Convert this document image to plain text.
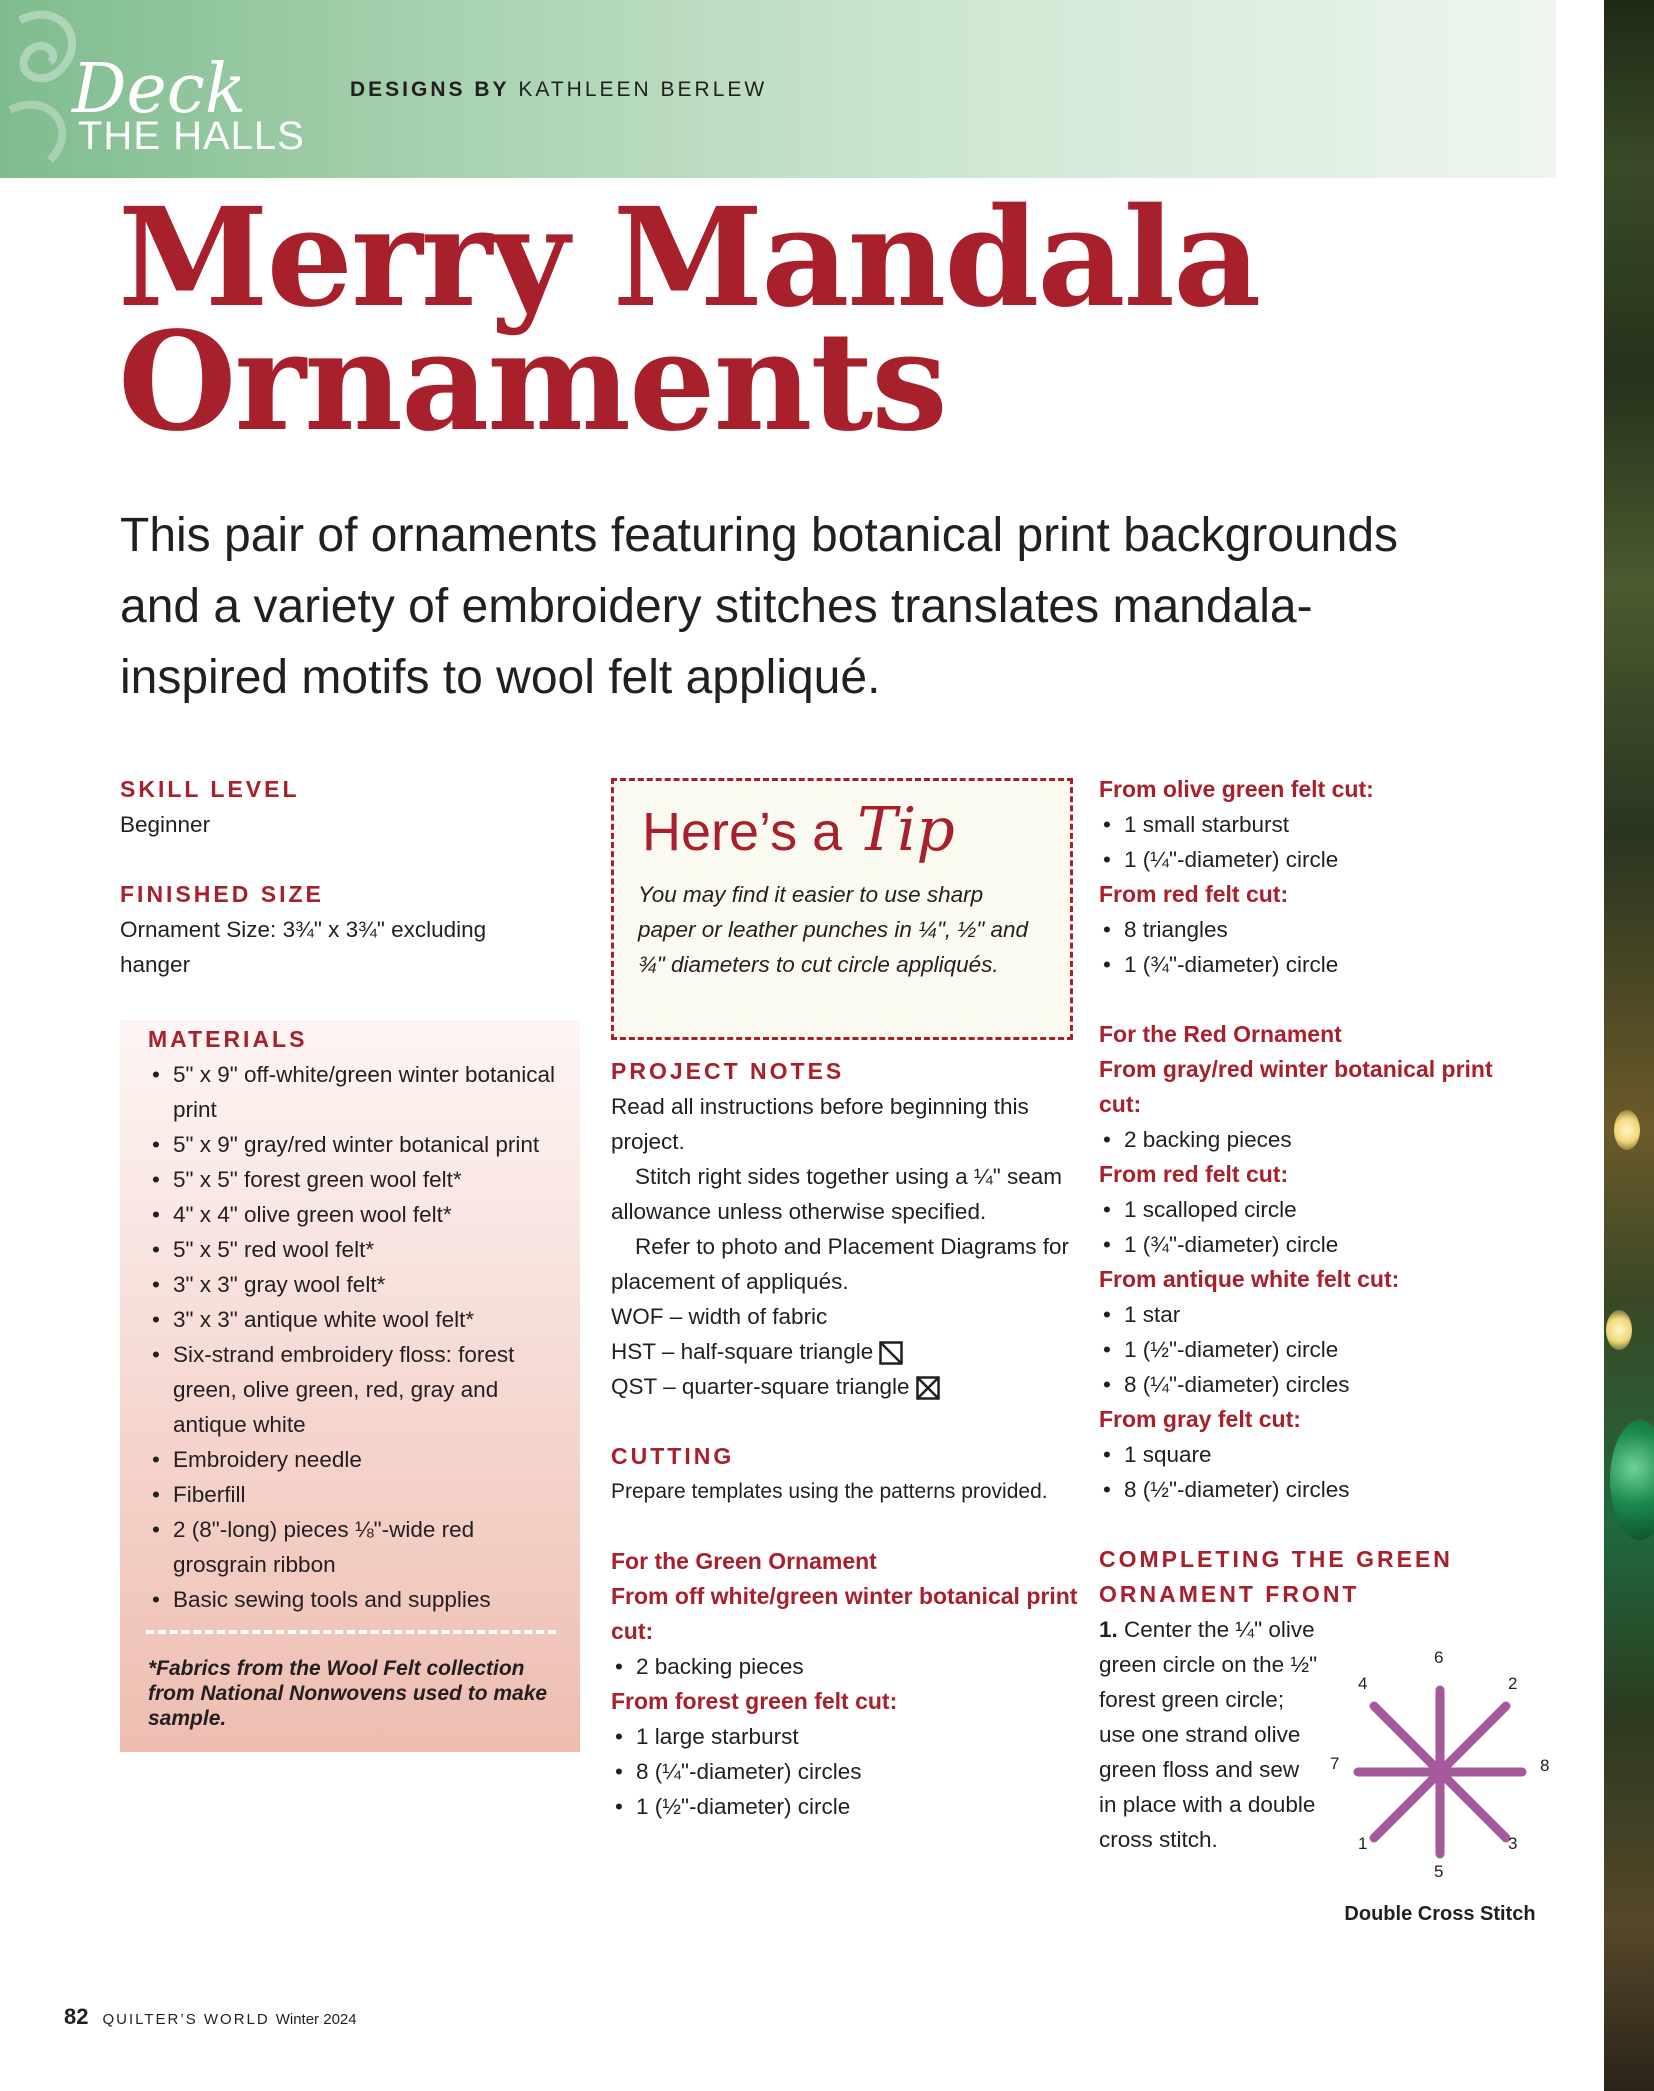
Deck
THE HALLS
DESIGNS BY KATHLEEN BERLEW
Merry Mandala
Ornaments

This pair of ornaments featuring botanical print backgrounds and a variety of embroidery stitches translates mandala-inspired motifs to wool felt appliqué.

SKILL LEVEL

Beginner

FINISHED SIZE

Ornament Size: 3¾" x 3¾" excluding hanger

MATERIALS

• 5" x 9" off-white/green winter botanical print
• 5" x 9" gray/red winter botanical print
• 5" x 5" forest green wool felt*
• 4" x 4" olive green wool felt*
• 5" x 5" red wool felt*
• 3" x 3" gray wool felt*
• 3" x 3" antique white wool felt*
• Six-strand embroidery floss: forest green, olive green, red, gray and antique white
• Embroidery needle
• Fiberfill
• 2 (8"-long) pieces ⅛"-wide red grosgrain ribbon
• Basic sewing tools and supplies

*Fabrics from the Wool Felt collection from National Nonwovens used to make sample.

Here’s a Tip

You may find it easier to use sharp paper or leather punches in ¼", ½" and ¾" diameters to cut circle appliqués.

PROJECT NOTES

Read all instructions before beginning this project.

Stitch right sides together using a ¼" seam allowance unless otherwise specified.

Refer to photo and Placement Diagrams for placement of appliqués.

WOF – width of fabric

HST – half-square triangle

QST – quarter-square triangle

CUTTING

Prepare templates using the patterns provided.

For the Green Ornament

From off white/green winter botanical print cut:

• 2 backing pieces

From forest green felt cut:

• 1 large starburst
• 8 (¼"-diameter) circles
• 1 (½"-diameter) circle

From olive green felt cut:

• 1 small starburst
• 1 (¼"-diameter) circle

From red felt cut:

• 8 triangles
• 1 (¾"-diameter) circle

For the Red Ornament

From gray/red winter botanical print cut:

• 2 backing pieces

From red felt cut:

• 1 scalloped circle
• 1 (¾"-diameter) circle

From antique white felt cut:

• 1 star
• 1 (½"-diameter) circle
• 8 (¼"-diameter) circles

From gray felt cut:

• 1 square
• 8 (½"-diameter) circles

COMPLETING THE GREEN

ORNAMENT FRONT

1. Center the ¼" olive green circle on the ½" forest green circle; use one strand olive green floss and sew in place with a double cross stitch.

6
4	2
7	8
1	3
5
Double Cross Stitch
82 QUILTER’S WORLD Winter 2024
